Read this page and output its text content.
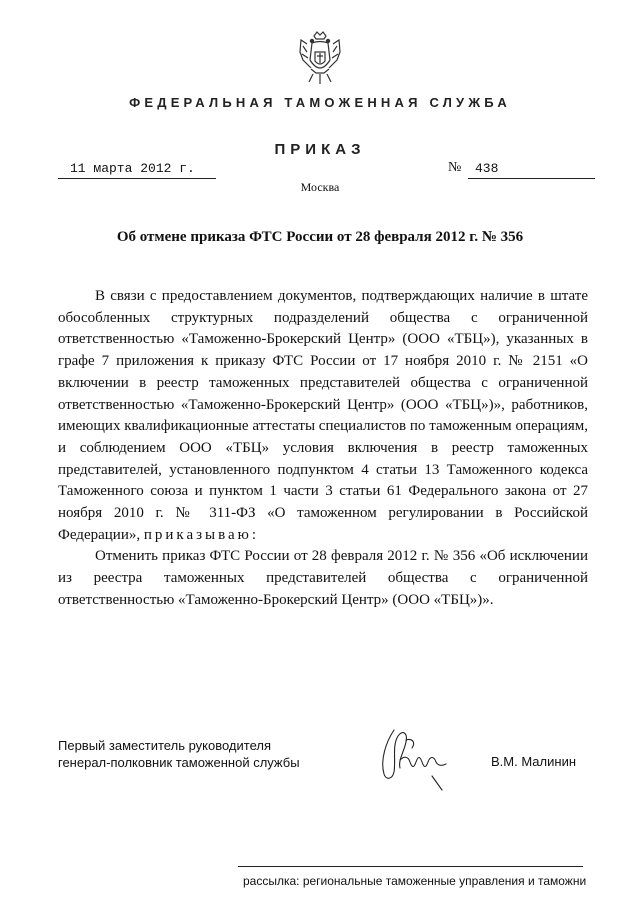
ФЕДЕРАЛЬНАЯ ТАМОЖЕННАЯ СЛУЖБА
ПРИКАЗ
11 марта 2012 г.	№ 438
Москва
Об отмене приказа ФТС России от 28 февраля 2012 г. № 356

В связи с предоставлением документов, подтверждающих наличие в штате обособленных структурных подразделений общества с ограниченной ответственностью «Таможенно-Брокерский Центр» (ООО «ТБЦ»), указанных в графе 7 приложения к приказу ФТС России от 17 ноября 2010 г. № 2151 «О включении в реестр таможенных представителей общества с ограниченной ответственностью «Таможенно-Брокерский Центр» (ООО «ТБЦ»)», работников, имеющих квалификационные аттестаты специалистов по таможенным операциям, и соблюдением ООО «ТБЦ» условия включения в реестр таможенных представителей, установленного подпунктом 4 статьи 13 Таможенного кодекса Таможенного союза и пунктом 1 части 3 статьи 61 Федерального закона от 27 ноября 2010 г. № 311-ФЗ «О таможенном регулировании в Российской Федерации», приказываю:

Отменить приказ ФТС России от 28 февраля 2012 г. № 356 «Об исключении из реестра таможенных представителей общества с ограниченной ответственностью «Таможенно-Брокерский Центр» (ООО «ТБЦ»)».

Первый заместитель руководителя
генерал-полковник таможенной службы	В.М. Малинин
рассылка: региональные таможенные управления и таможни
